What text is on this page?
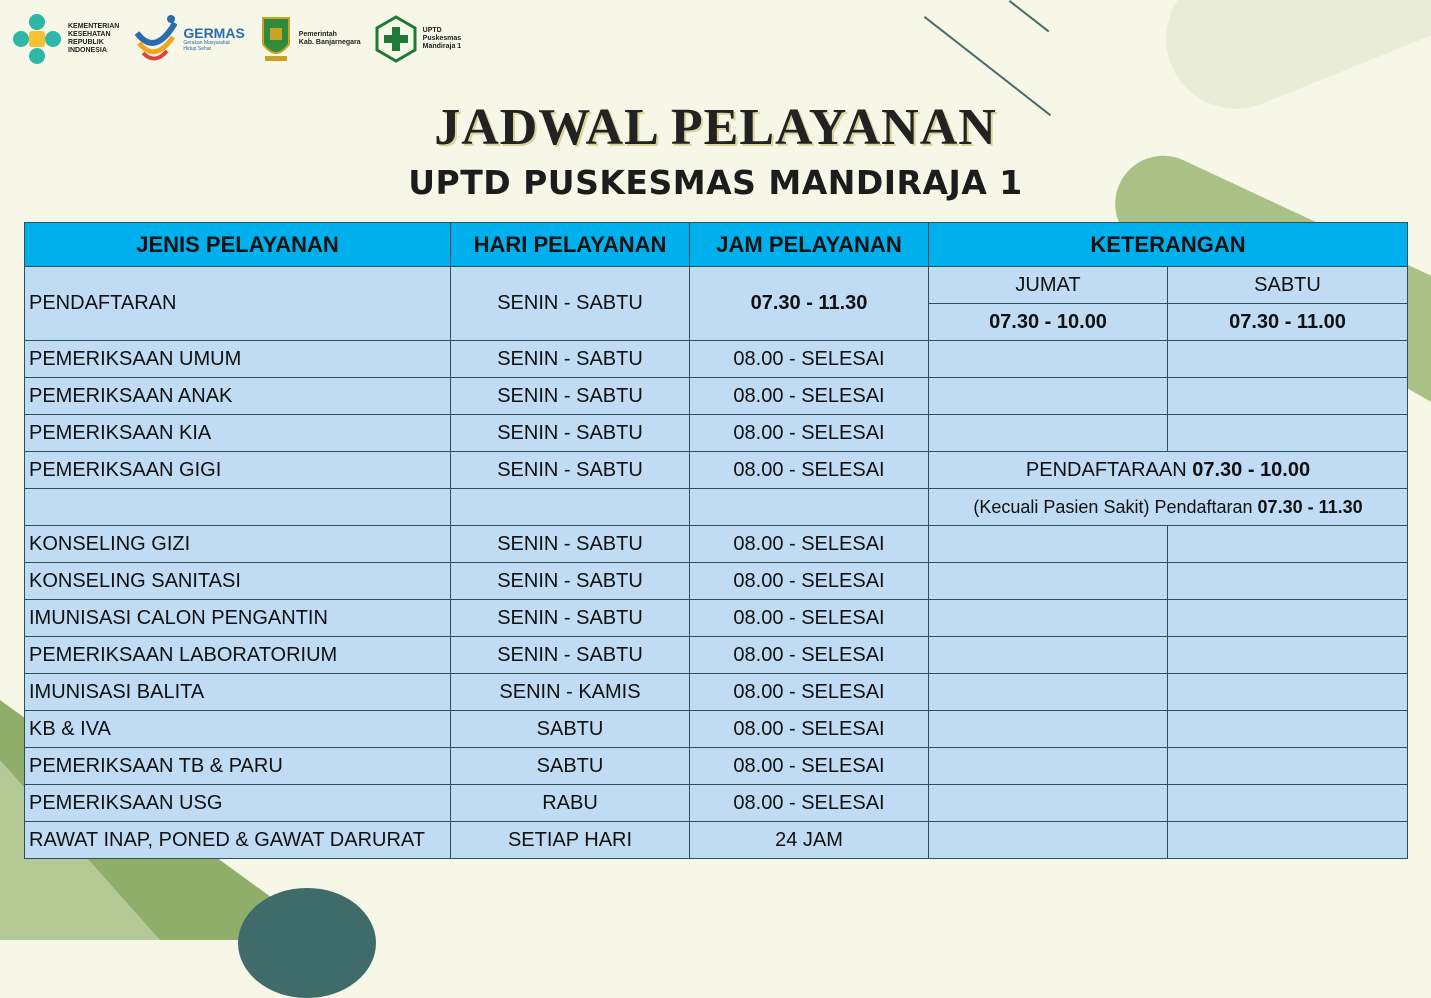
KEMENTERIAN
KESEHATAN
REPUBLIK
INDONESIA
GERMAS
Gerakan Masyarakat
Hidup Sehat
Pemerintah
Kab. Banjarnegara
UPTD
Puskesmas
Mandiraja 1
JADWAL PELAYANAN
UPTD PUSKESMAS MANDIRAJA 1
JENIS PELAYANAN	HARI PELAYANAN	JAM PELAYANAN	KETERANGAN	
PENDAFTARAN	SENIN - SABTU	07.30 - 11.30	JUMAT	SABTU
			07.30 - 10.00	07.30 - 11.00
PEMERIKSAAN UMUM	SENIN - SABTU	08.00 - SELESAI		
PEMERIKSAAN ANAK	SENIN - SABTU	08.00 - SELESAI		
PEMERIKSAAN KIA	SENIN - SABTU	08.00 - SELESAI		
PEMERIKSAAN GIGI	SENIN - SABTU	08.00 - SELESAI	PENDAFTARAAN 07.30 - 10.00	
			(Kecuali Pasien Sakit) Pendaftaran 07.30 - 11.30	
KONSELING GIZI	SENIN - SABTU	08.00 - SELESAI		
KONSELING SANITASI	SENIN - SABTU	08.00 - SELESAI		
IMUNISASI CALON PENGANTIN	SENIN - SABTU	08.00 - SELESAI		
PEMERIKSAAN LABORATORIUM	SENIN - SABTU	08.00 - SELESAI		
IMUNISASI BALITA	SENIN - KAMIS	08.00 - SELESAI		
KB & IVA	SABTU	08.00 - SELESAI		
PEMERIKSAAN TB & PARU	SABTU	08.00 - SELESAI		
PEMERIKSAAN USG	RABU	08.00 - SELESAI		
RAWAT INAP, PONED & GAWAT DARURAT	SETIAP HARI	24 JAM		
